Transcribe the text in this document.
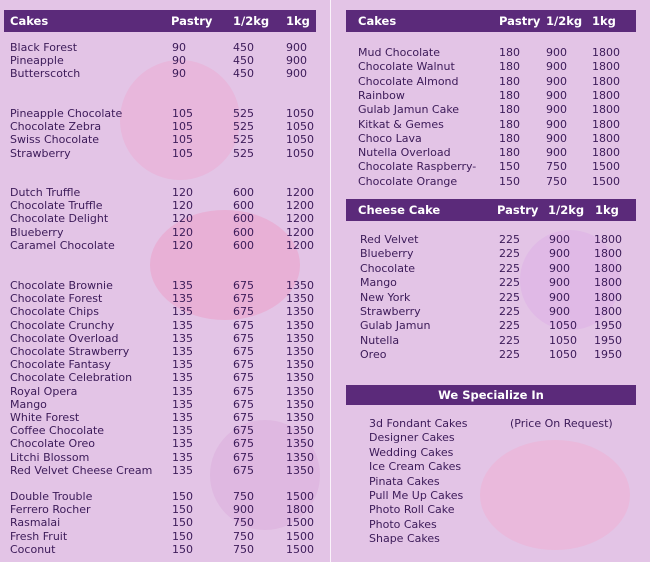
Cakes	Pastry 1/2kg 1kg
Black Forest	90	450	900
Pineapple	90	450	900
Butterscotch	90	450	900
Pineapple Chocolate	105	525	1050
Chocolate Zebra	105	525	1050
Swiss Chocolate	105	525	1050
Strawberry	105	525	1050
Dutch Truffle	120	600	1200
Chocolate Truffle	120	600	1200
Chocolate Delight	120	600	1200
Blueberry	120	600	1200
Caramel Chocolate	120	600	1200
Chocolate Brownie	135	675	1350
Chocolate Forest	135	675	1350
Chocolate Chips	135	675	1350
Chocolate Crunchy	135	675	1350
Chocolate Overload	135	675	1350
Chocolate Strawberry	135	675	1350
Chocolate Fantasy	135	675	1350
Chocolate Celebration	135	675	1350
Royal Opera	135	675	1350
Mango	135	675	1350
White Forest	135	675	1350
Coffee Chocolate	135	675	1350
Chocolate Oreo	135	675	1350
Litchi Blossom	135	675	1350
Red Velvet Cheese Cream 135	675	1350
Double Trouble	150	750	1500
Ferrero Rocher	150	900	1800
Rasmalai	150	750	1500
Fresh Fruit	150	750	1500
Coconut	150	750	1500
Cakes	Pastry 1/2kg 1kg
Mud Chocolate	180 900 1800
Chocolate Walnut	180 900 1800
Chocolate Almond	180 900 1800
Rainbow	180 900 1800
Gulab Jamun Cake	180 900 1800
Kitkat & Gemes	180 900 1800
Choco Lava	180 900 1800
Nutella Overload	180 900 1800
Chocolate Raspberry- 150 750 1500
Chocolate Orange	150 750 1500
Cheese Cake	Pastry 1/2kg 1kg
Red Velvet	225	900 1800
Blueberry	225	900 1800
Chocolate	225	900 1800
Mango	225	900 1800
New York	225	900 1800
Strawberry	225	900 1800
Gulab Jamun	225	1050 1950
Nutella	225	1050 1950
Oreo	225	1050 1950
We Specialize In
(Price On Request)
3d Fondant Cakes
Designer Cakes
Wedding Cakes
Ice Cream Cakes
Pinata Cakes
Pull Me Up Cakes
Photo Roll Cake
Photo Cakes
Shape Cakes
